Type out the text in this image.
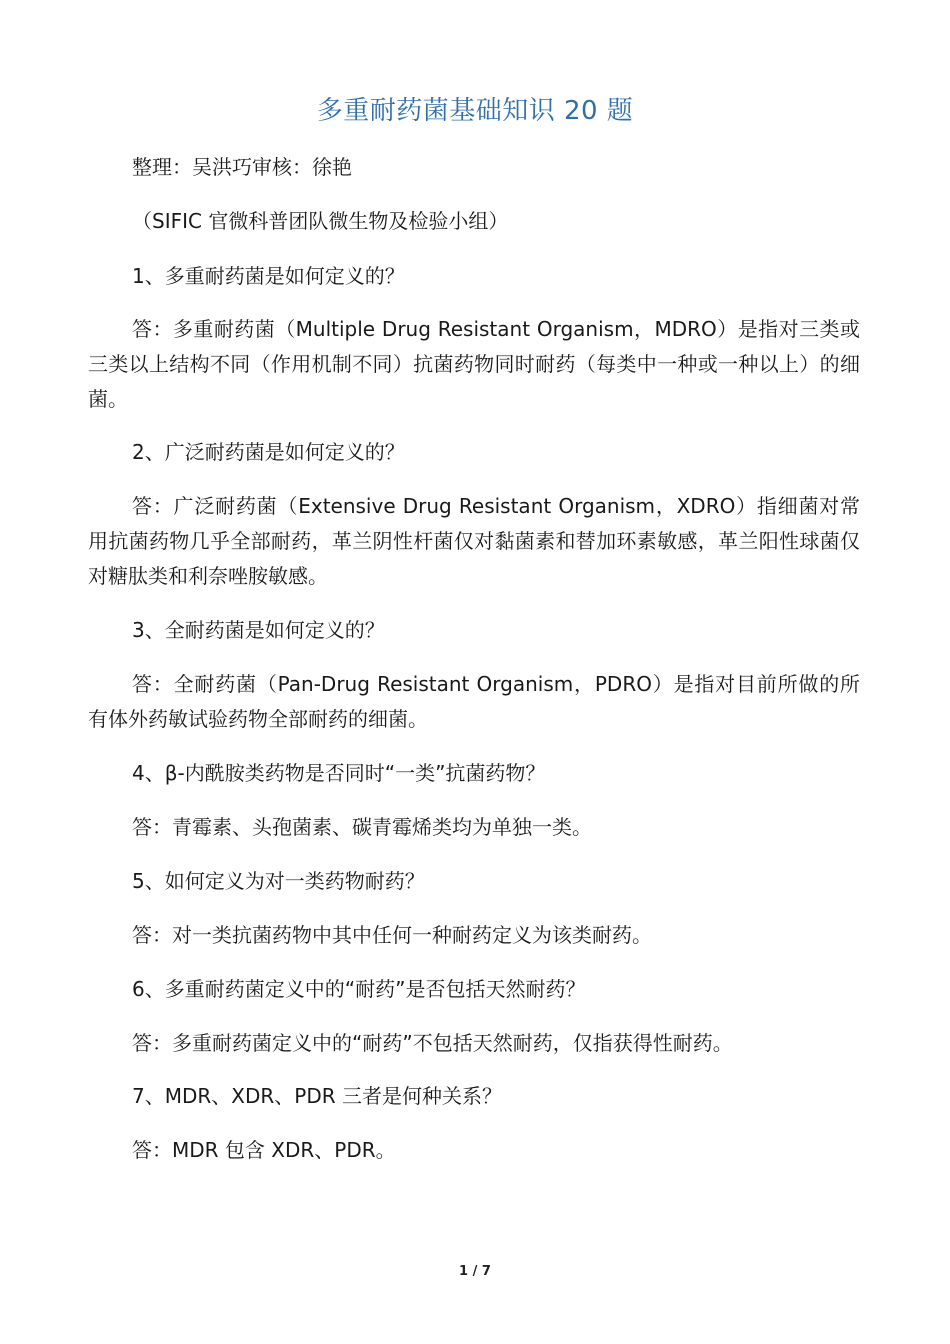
多重耐药菌基础知识 20 题
整理：吴洪巧审核：徐艳
（SIFIC 官微科普团队微生物及检验小组）
1、多重耐药菌是如何定义的？
答：多重耐药菌（Multiple Drug Resistant Organism，MDRO）是指对三类或三类以上结构不同（作用机制不同）抗菌药物同时耐药（每类中一种或一种以上）的细菌。
2、广泛耐药菌是如何定义的？
答：广泛耐药菌（Extensive Drug Resistant Organism，XDRO）指细菌对常用抗菌药物几乎全部耐药，革兰阴性杆菌仅对黏菌素和替加环素敏感，革兰阳性球菌仅对糖肽类和利奈唑胺敏感。
3、全耐药菌是如何定义的？
答：全耐药菌（Pan-Drug Resistant Organism，PDRO）是指对目前所做的所有体外药敏试验药物全部耐药的细菌。
4、β-内酰胺类药物是否同时“一类”抗菌药物？
答：青霉素、头孢菌素、碳青霉烯类均为单独一类。
5、如何定义为对一类药物耐药？
答：对一类抗菌药物中其中任何一种耐药定义为该类耐药。
6、多重耐药菌定义中的“耐药”是否包括天然耐药？
答：多重耐药菌定义中的“耐药”不包括天然耐药，仅指获得性耐药。
7、MDR、XDR、PDR 三者是何种关系？
答：MDR 包含 XDR、PDR。
1 / 7
